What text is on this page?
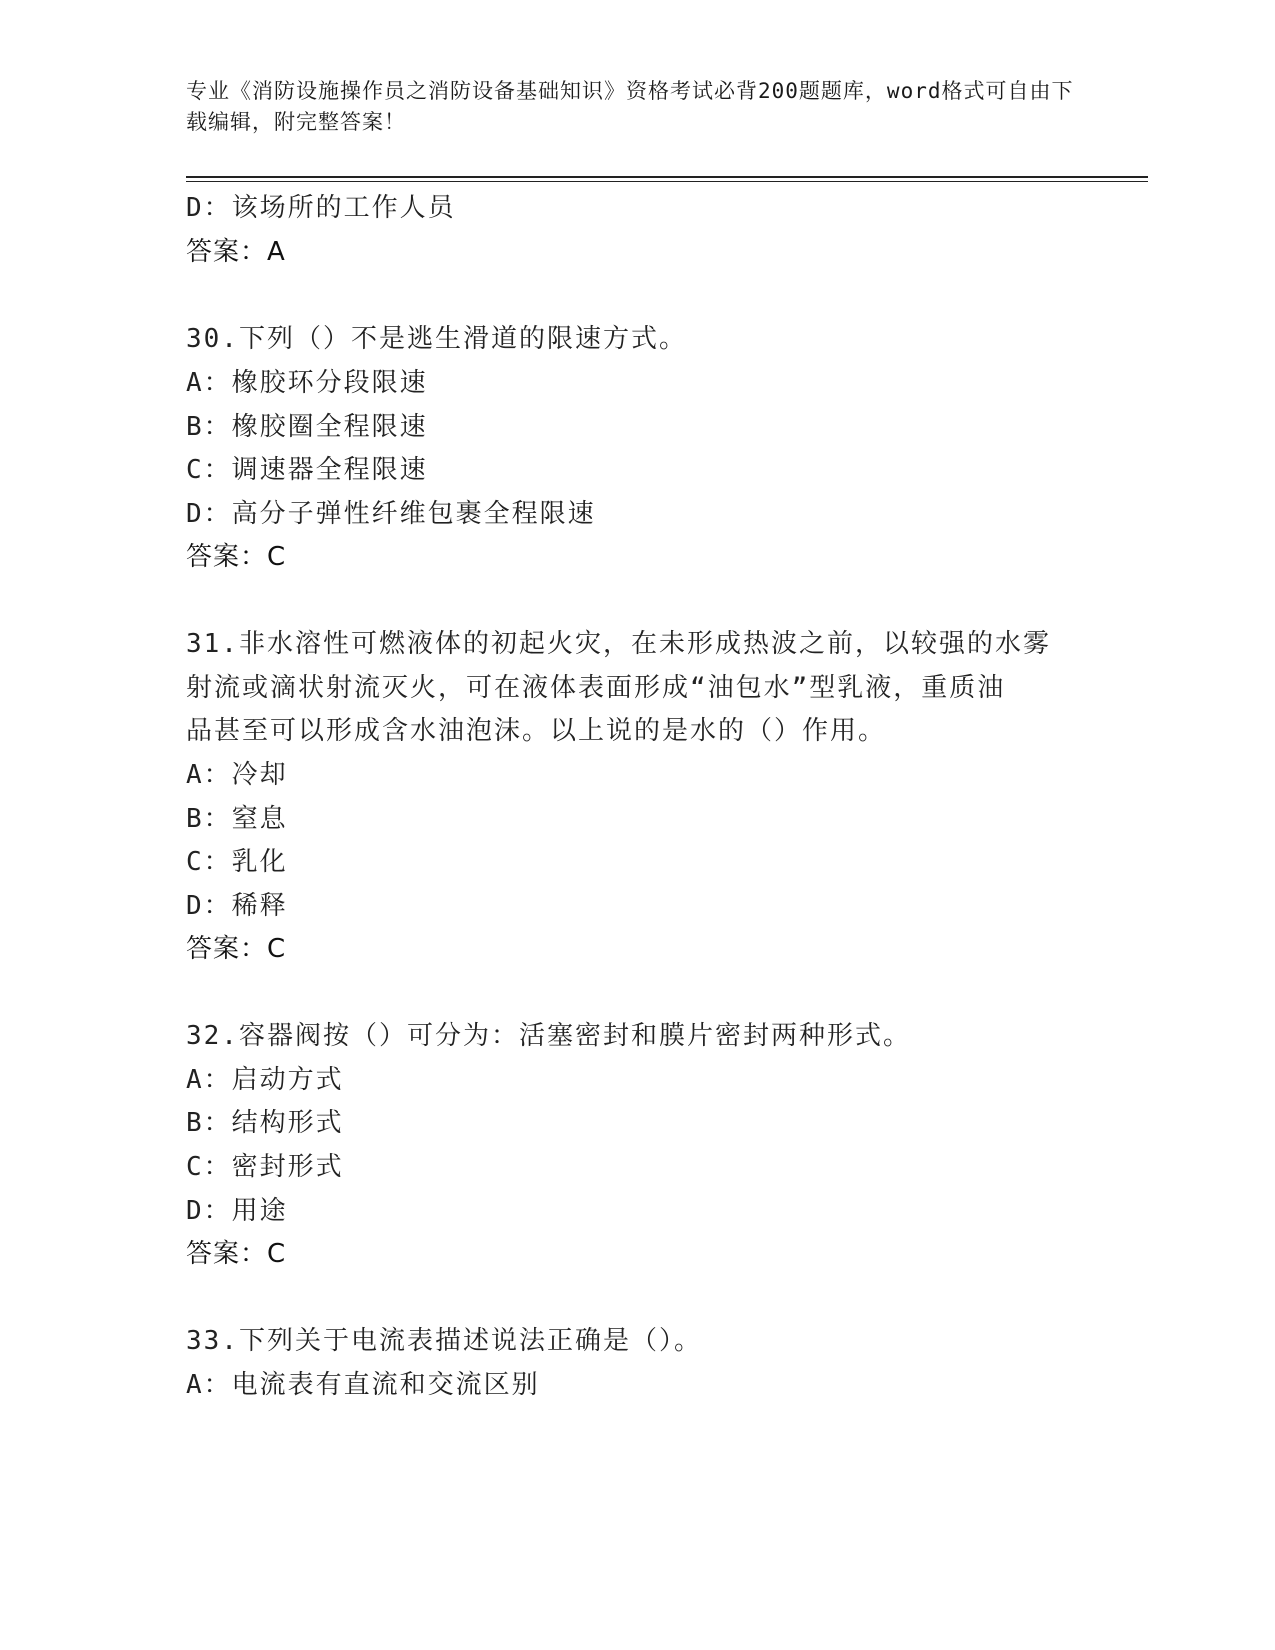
专业《消防设施操作员之消防设备基础知识》资格考试必背200题题库，word格式可自由下载编辑，附完整答案！
D：该场所的工作人员
答案：A
30.下列（）不是逃生滑道的限速方式。
A：橡胶环分段限速
B：橡胶圈全程限速
C：调速器全程限速
D：高分子弹性纤维包裹全程限速
答案：C
31.非水溶性可燃液体的初起火灾，在未形成热波之前，以较强的水雾
射流或滴状射流灭火，可在液体表面形成“油包水”型乳液，重质油
品甚至可以形成含水油泡沫。以上说的是水的（）作用。
A：冷却
B：窒息
C：乳化
D：稀释
答案：C
32.容器阀按（）可分为：活塞密封和膜片密封两种形式。
A：启动方式
B：结构形式
C：密封形式
D：用途
答案：C
33.下列关于电流表描述说法正确是（）。
A：电流表有直流和交流区别
